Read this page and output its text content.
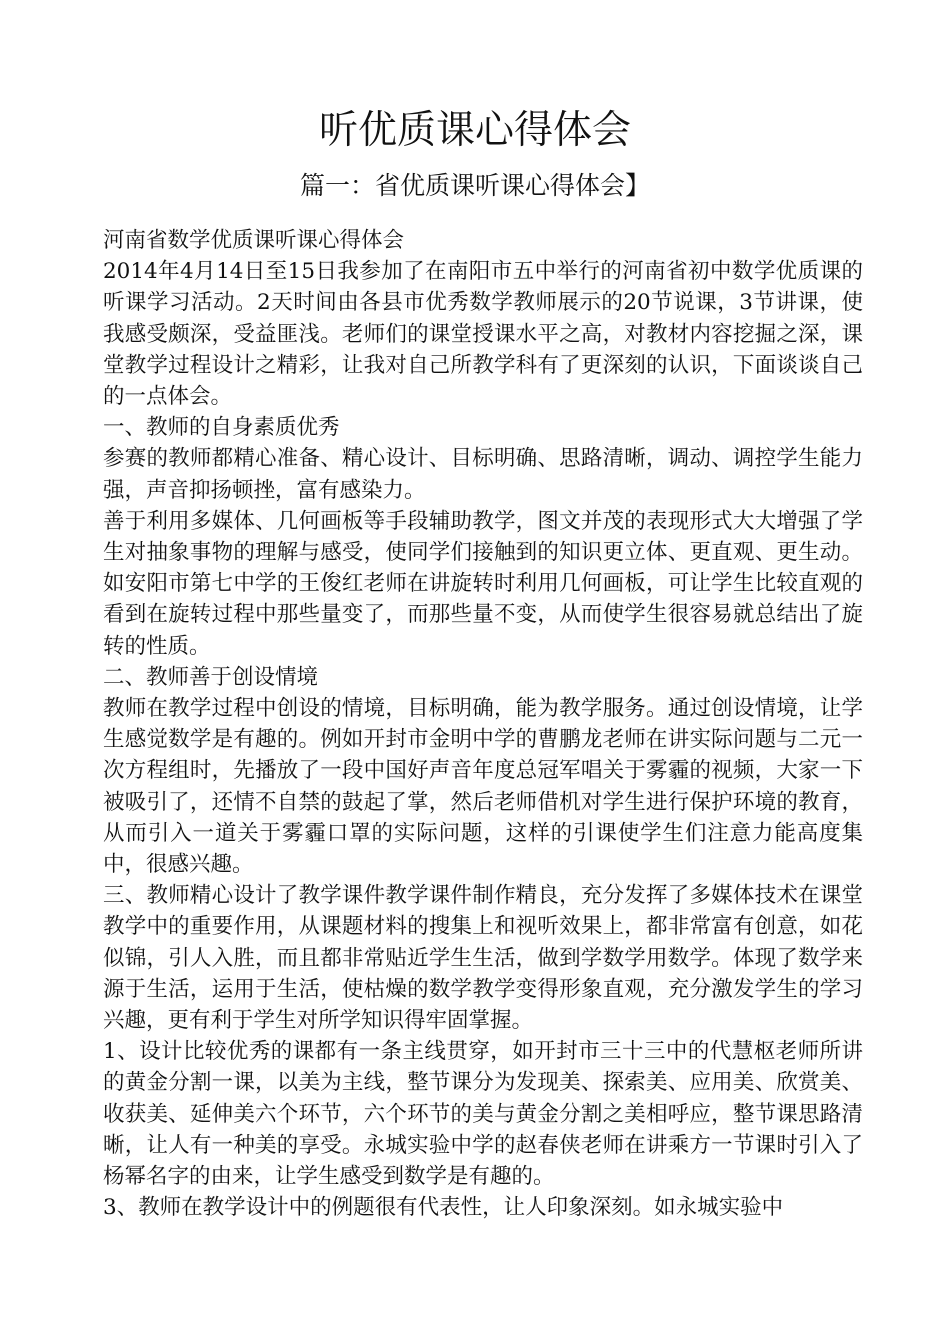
听优质课心得体会
篇一：省优质课听课心得体会】

河南省数学优质课听课心得体会

2014年4月14日至15日我参加了在南阳市五中举行的河南省初中数学优质课的听课学习活动。2天时间由各县市优秀数学教师展示的20节说课，3节讲课，使我感受颇深，受益匪浅。老师们的课堂授课水平之高，对教材内容挖掘之深，课堂教学过程设计之精彩，让我对自己所教学科有了更深刻的认识，下面谈谈自己的一点体会。

一、教师的自身素质优秀

参赛的教师都精心准备、精心设计、目标明确、思路清晰，调动、调控学生能力强，声音抑扬顿挫，富有感染力。

善于利用多媒体、几何画板等手段辅助教学，图文并茂的表现形式大大增强了学生对抽象事物的理解与感受，使同学们接触到的知识更立体、更直观、更生动。如安阳市第七中学的王俊红老师在讲旋转时利用几何画板，可让学生比较直观的看到在旋转过程中那些量变了，而那些量不变，从而使学生很容易就总结出了旋转的性质。

二、教师善于创设情境

教师在教学过程中创设的情境，目标明确，能为教学服务。通过创设情境，让学生感觉数学是有趣的。例如开封市金明中学的曹鹏龙老师在讲实际问题与二元一次方程组时，先播放了一段中国好声音年度总冠军唱关于雾霾的视频，大家一下被吸引了，还情不自禁的鼓起了掌，然后老师借机对学生进行保护环境的教育，从而引入一道关于雾霾口罩的实际问题，这样的引课使学生们注意力能高度集中，很感兴趣。

三、教师精心设计了教学课件教学课件制作精良，充分发挥了多媒体技术在课堂教学中的重要作用，从课题材料的搜集上和视听效果上，都非常富有创意，如花似锦，引人入胜，而且都非常贴近学生生活，做到学数学用数学。体现了数学来源于生活，运用于生活，使枯燥的数学教学变得形象直观，充分激发学生的学习兴趣，更有利于学生对所学知识得牢固掌握。

1、设计比较优秀的课都有一条主线贯穿，如开封市三十三中的代慧枢老师所讲的黄金分割一课，以美为主线，整节课分为发现美、探索美、应用美、欣赏美、收获美、延伸美六个环节，六个环节的美与黄金分割之美相呼应，整节课思路清晰，让人有一种美的享受。永城实验中学的赵春侠老师在讲乘方一节课时引入了杨幂名字的由来，让学生感受到数学是有趣的。

3、教师在教学设计中的例题很有代表性，让人印象深刻。如永城实验中
